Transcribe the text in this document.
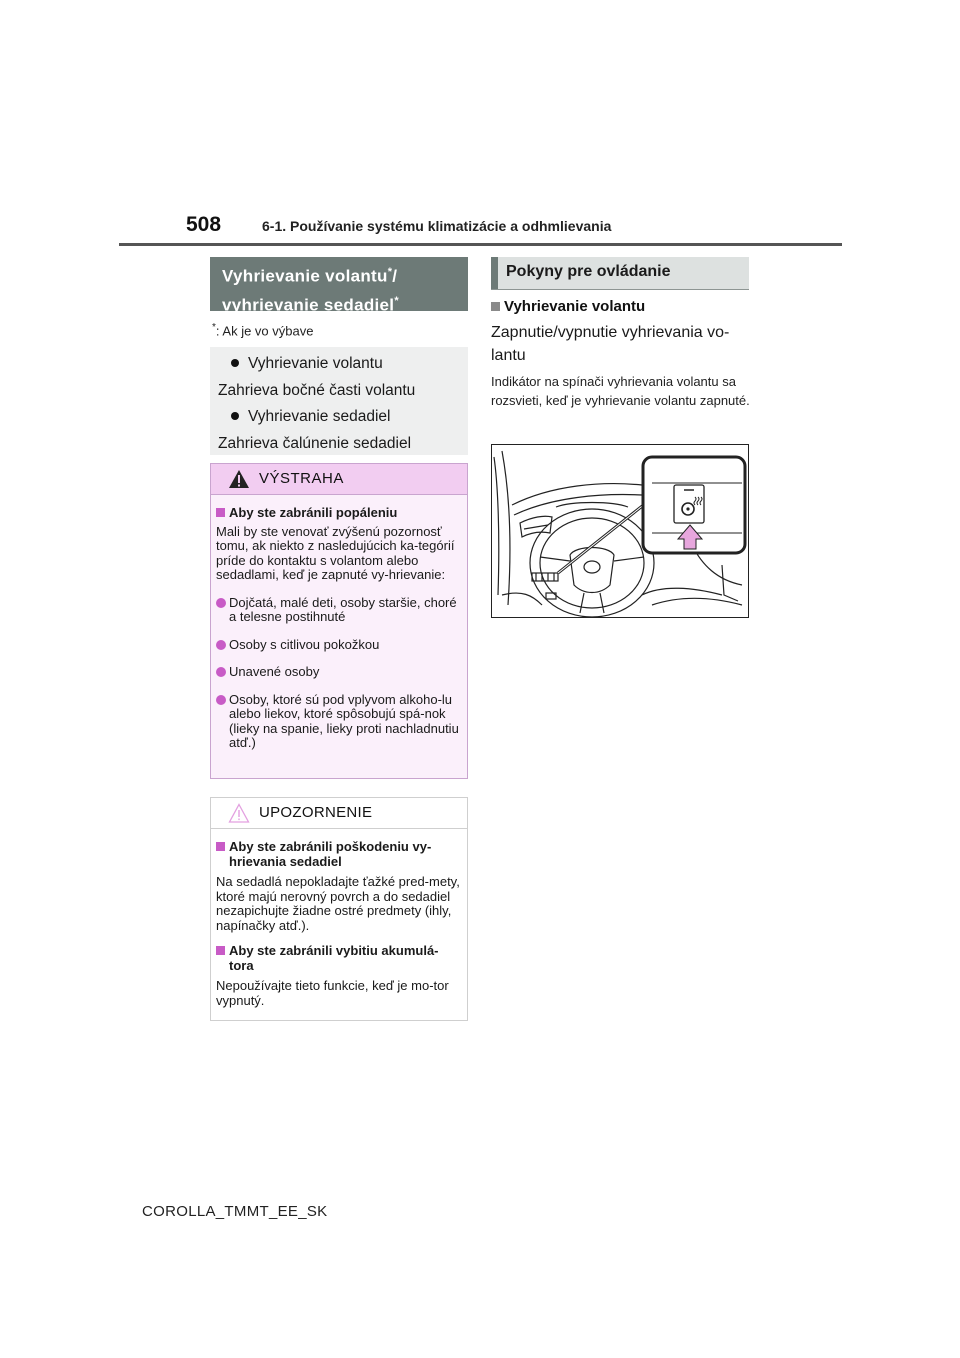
508	6-1. Používanie systému klimatizácie a odhmlievania
Vyhrievanie volantu*/
vyhrievanie sedadiel*
*: Ak je vo výbave
Vyhrievanie volantu
Zahrieva bočné časti volantu
Vyhrievanie sedadiel
Zahrieva čalúnenie sedadiel
VÝSTRAHA
Aby ste zabránili popáleniu
Mali by ste venovať zvýšenú pozornosť tomu, ak niekto z nasledujúcich ka-tegórií príde do kontaktu s volantom alebo sedadlami, keď je zapnuté vy-hrievanie:
Dojčatá, malé deti, osoby staršie, choré a telesne postihnuté
Osoby s citlivou pokožkou
Unavené osoby
Osoby, ktoré sú pod vplyvom alkoho-lu alebo liekov, ktoré spôsobujú spá-nok (lieky na spanie, lieky proti nachladnutiu atď.)
UPOZORNENIE
Aby ste zabránili poškodeniu vy-hrievania sedadiel
Na sedadlá nepokladajte ťažké pred-mety, ktoré majú nerovný povrch a do sedadiel nezapichujte žiadne ostré predmety (ihly, napínačky atď.).
Aby ste zabránili vybitiu akumulá-tora
Nepoužívajte tieto funkcie, keď je mo-tor vypnutý.
Pokyny pre ovládanie
Vyhrievanie volantu
Zapnutie/vypnutie vyhrievania vo-lantu
Indikátor na spínači vyhrievania volantu sa rozsvieti, keď je vyhrievanie volantu zapnuté.
COROLLA_TMMT_EE_SK
